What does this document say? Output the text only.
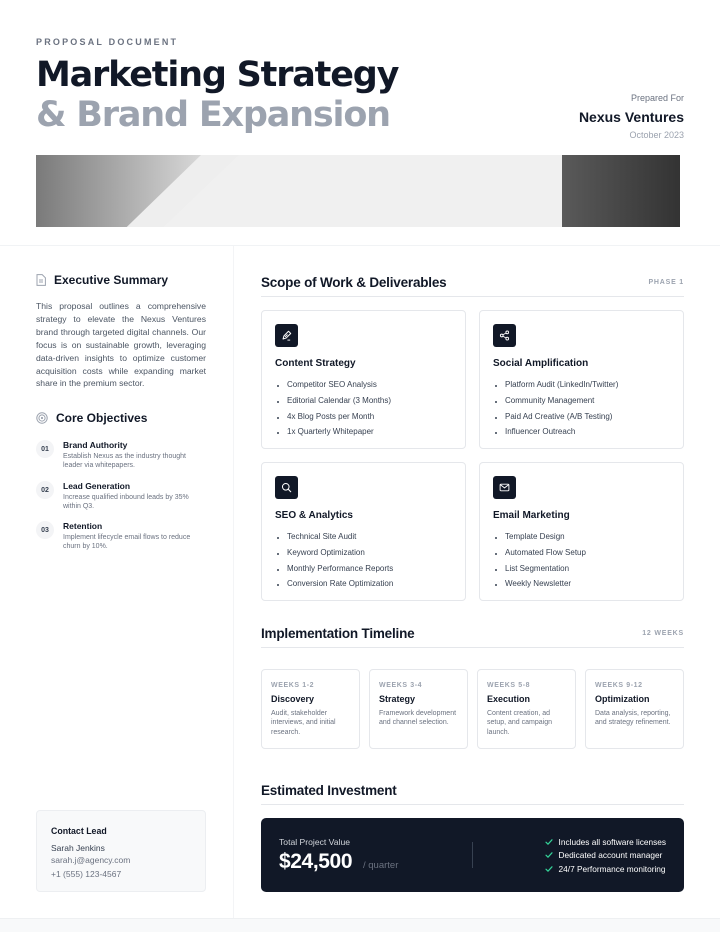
PROPOSAL DOCUMENT
Marketing Strategy
& Brand Expansion	Prepared For
Nexus Ventures
October 2023
Executive Summary

This proposal outlines a comprehensive strategy to elevate the Nexus Ventures brand through targeted digital channels. Our focus is on sustainable growth, leveraging data-driven insights to optimize customer acquisition costs while expanding market share in the premium sector.

Core Objectives
01	Brand Authority
Establish Nexus as the industry thought leader via whitepapers.
02	Lead Generation
Increase qualified inbound leads by 35% within Q3.
03	Retention
Implement lifecycle email flows to reduce churn by 10%.
Contact Lead
Sarah Jenkins
sarah.j@agency.com
+1 (555) 123-4567
Scope of Work & Deliverables	PHASE 1
Content Strategy
• Competitor SEO Analysis
• Editorial Calendar (3 Months)
• 4x Blog Posts per Month
• 1x Quarterly Whitepaper
Social Amplification
• Platform Audit (LinkedIn/Twitter)
• Community Management
• Paid Ad Creative (A/B Testing)
• Influencer Outreach
SEO & Analytics
• Technical Site Audit
• Keyword Optimization
• Monthly Performance Reports
• Conversion Rate Optimization
Email Marketing
• Template Design
• Automated Flow Setup
• List Segmentation
• Weekly Newsletter
Implementation Timeline	12 WEEKS
WEEKS 1-2
Discovery
Audit, stakeholder interviews, and initial research.
WEEKS 3-4
Strategy
Framework development and channel selection.
WEEKS 5-8
Execution
Content creation, ad setup, and campaign launch.
WEEKS 9-12
Optimization
Data analysis, reporting, and strategy refinement.
Estimated Investment
Total Project Value
$24,500 / quarter
Includes all software licenses
Dedicated account manager
24/7 Performance monitoring
